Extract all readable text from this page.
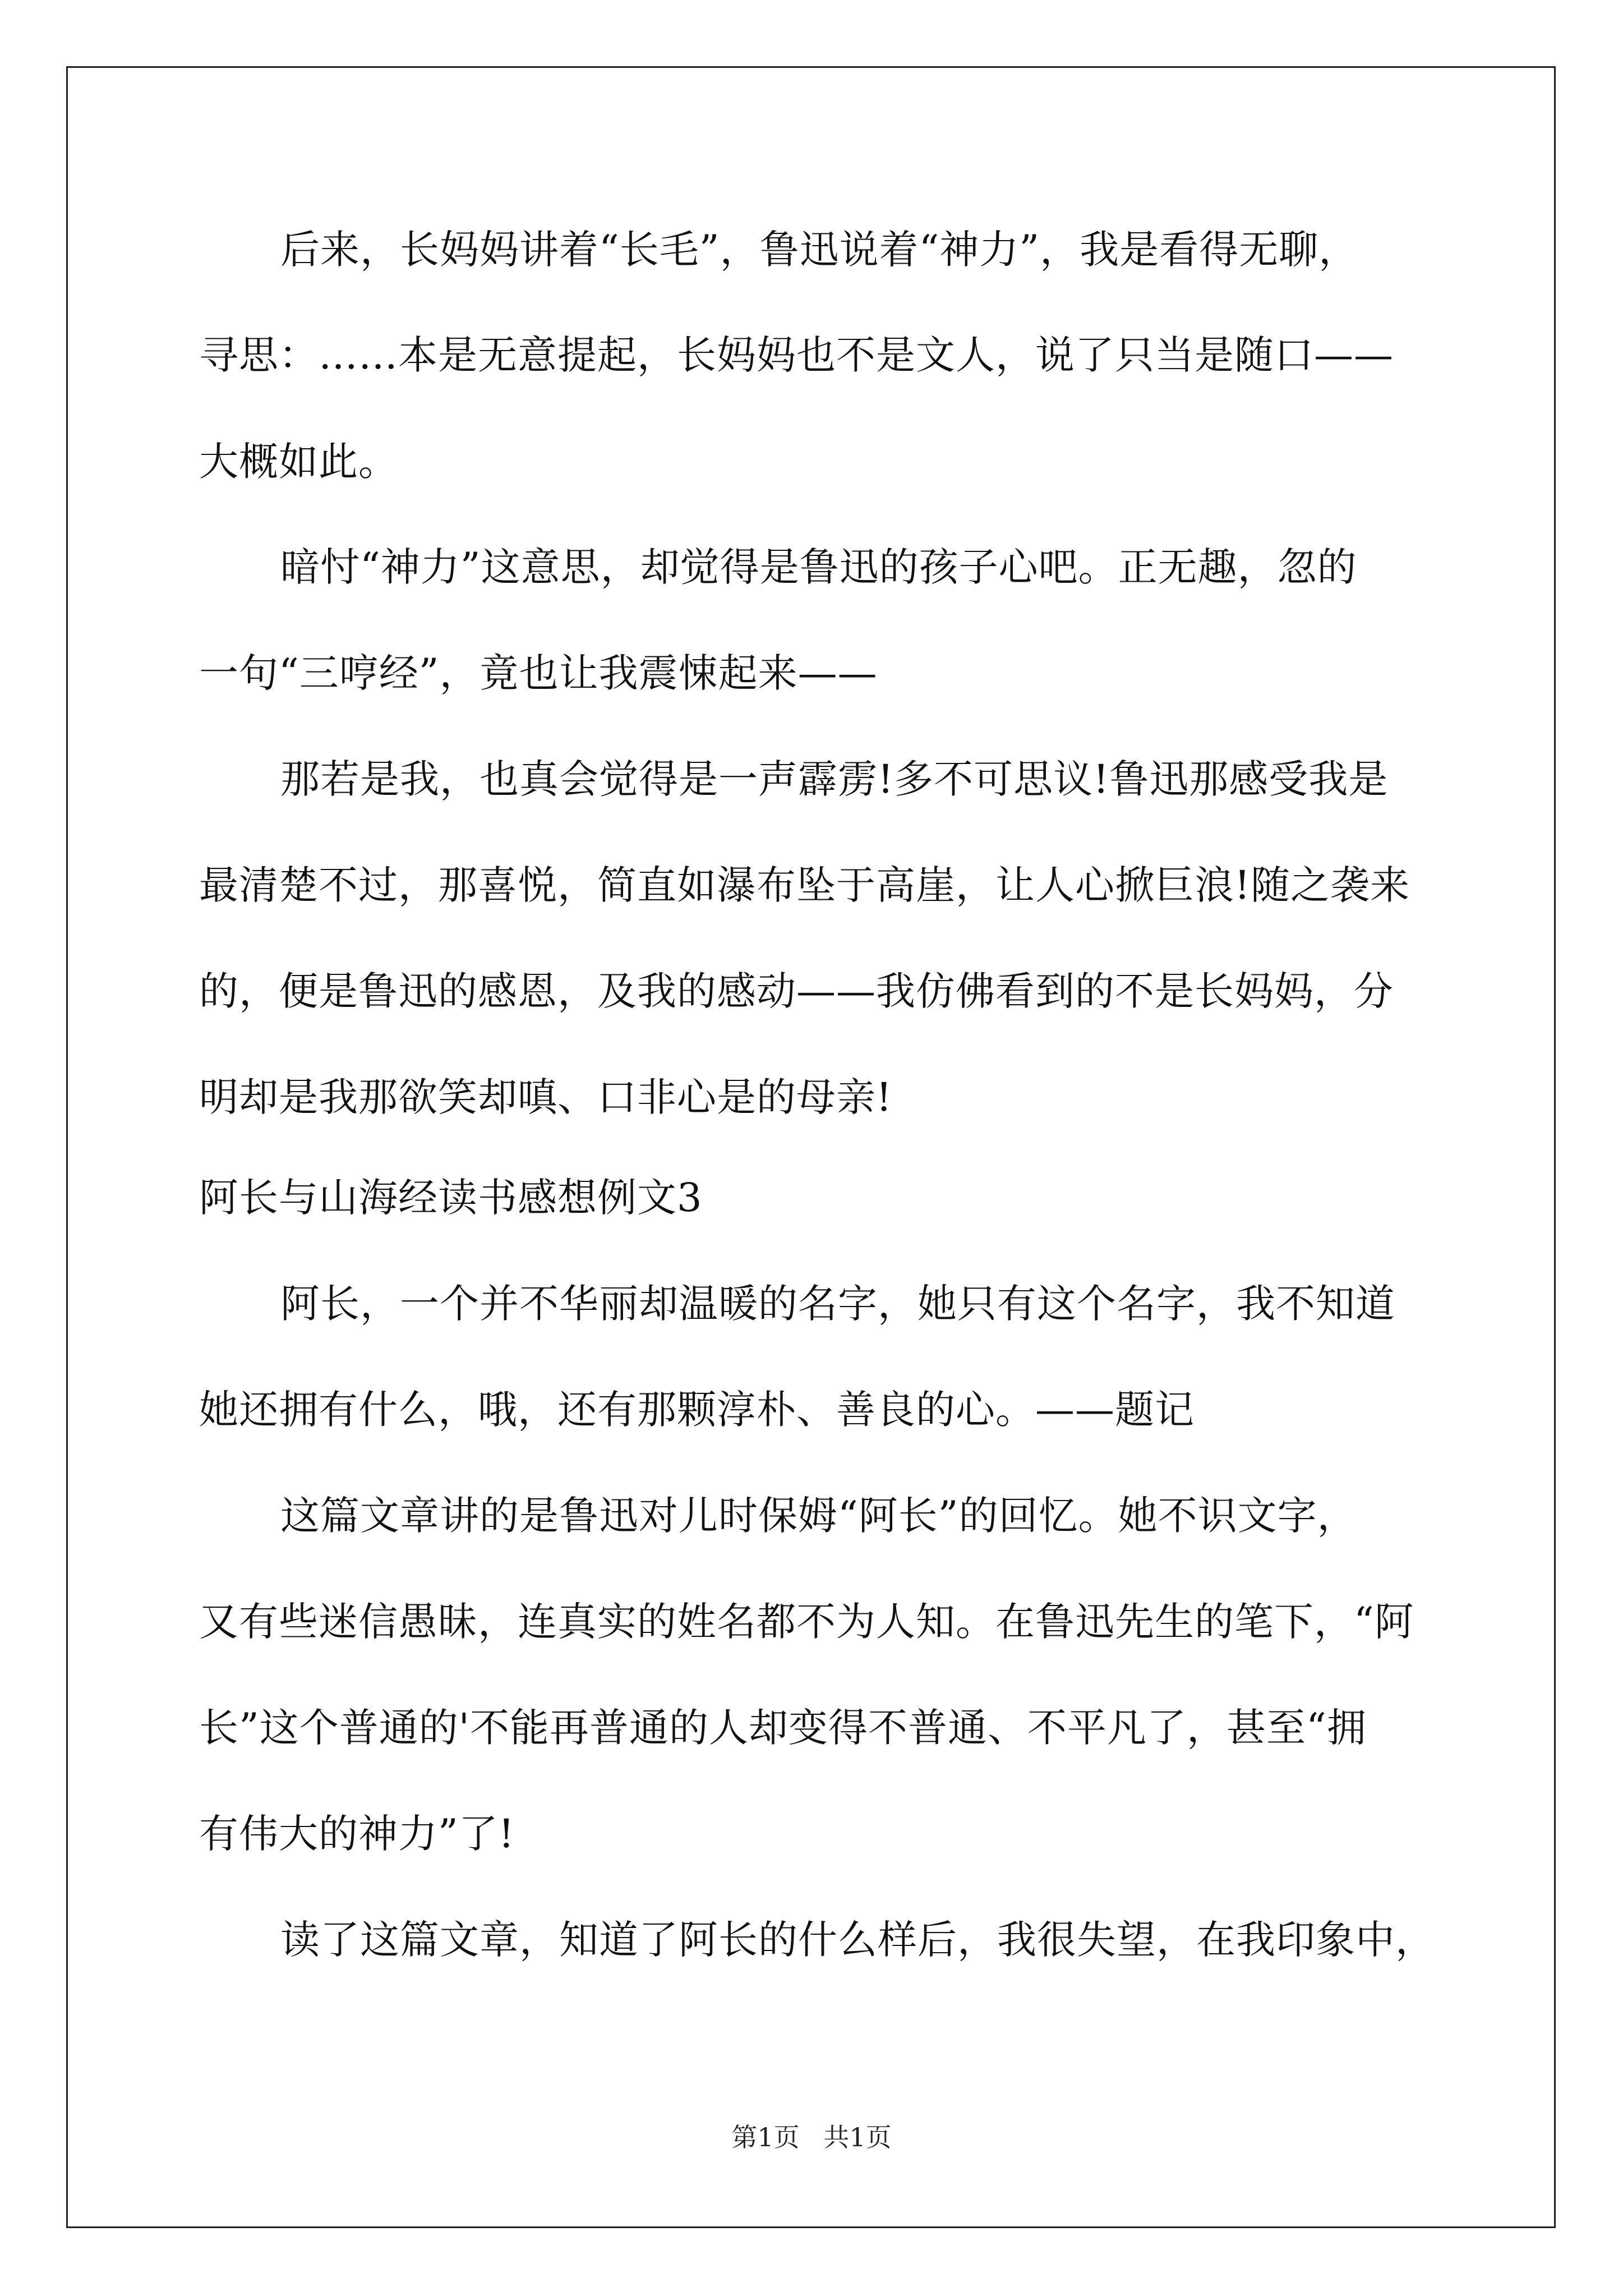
后来，长妈妈讲着“长毛”，鲁迅说着“神力”，我是看得无聊，
寻思：……本是无意提起，长妈妈也不是文人，说了只当是随口——
大概如此。
暗忖“神力”这意思，却觉得是鲁迅的孩子心吧。正无趣，忽的
一句“三哼经”，竟也让我震悚起来——
那若是我，也真会觉得是一声霹雳!多不可思议!鲁迅那感受我是
最清楚不过，那喜悦，简直如瀑布坠于高崖，让人心掀巨浪!随之袭来
的，便是鲁迅的感恩，及我的感动——我仿佛看到的不是长妈妈，分
明却是我那欲笑却嗔、口非心是的母亲!
阿长与山海经读书感想例文3
阿长，一个并不华丽却温暖的名字，她只有这个名字，我不知道
她还拥有什么，哦，还有那颗淳朴、善良的心。——题记
这篇文章讲的是鲁迅对儿时保姆“阿长”的回忆。她不识文字，
又有些迷信愚昧，连真实的姓名都不为人知。在鲁迅先生的笔下，“阿
长”这个普通的'不能再普通的人却变得不普通、不平凡了，甚至“拥
有伟大的神力”了!
读了这篇文章，知道了阿长的什么样后，我很失望，在我印象中，
第1页 共1页
